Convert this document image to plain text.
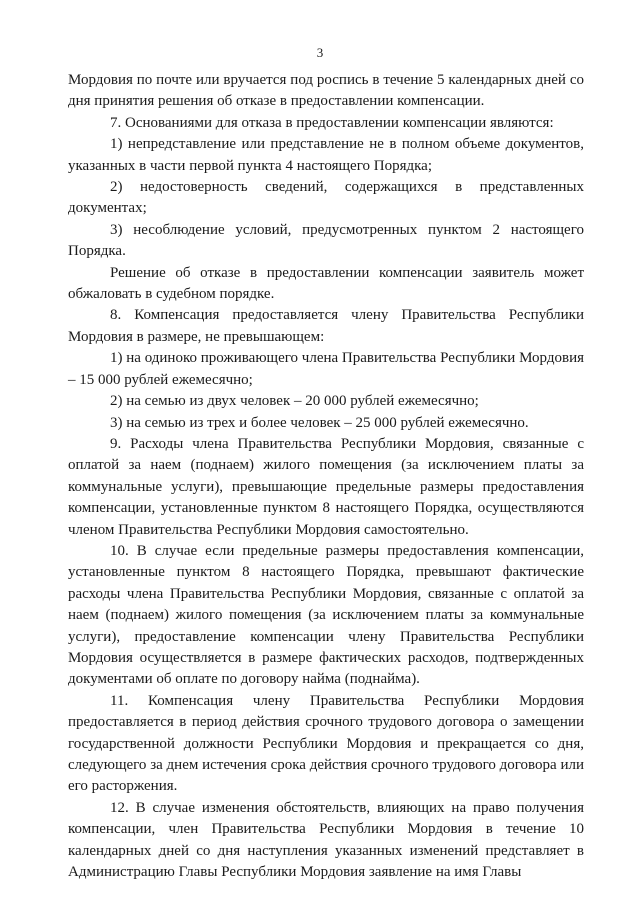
3

Мордовия по почте или вручается под роспись в течение 5 календарных дней со дня принятия решения об отказе в предоставлении компенсации.

7. Основаниями для отказа в предоставлении компенсации являются:

1) непредставление или представление не в полном объеме документов, указанных в части первой пункта 4 настоящего Порядка;

2) недостоверность сведений, содержащихся в представленных документах;

3) несоблюдение условий, предусмотренных пунктом 2 настоящего Порядка.

Решение об отказе в предоставлении компенсации заявитель может обжаловать в судебном порядке.

8. Компенсация предоставляется члену Правительства Республики Мордовия в размере, не превышающем:

1) на одиноко проживающего члена Правительства Республики Мордовия – 15 000 рублей ежемесячно;

2) на семью из двух человек – 20 000 рублей ежемесячно;

3) на семью из трех и более человек – 25 000 рублей ежемесячно.

9. Расходы члена Правительства Республики Мордовия, связанные с оплатой за наем (поднаем) жилого помещения (за исключением платы за коммунальные услуги), превышающие предельные размеры предоставления компенсации, установленные пунктом 8 настоящего Порядка, осуществляются членом Правительства Республики Мордовия самостоятельно.

10. В случае если предельные размеры предоставления компенсации, установленные пунктом 8 настоящего Порядка, превышают фактические расходы члена Правительства Республики Мордовия, связанные с оплатой за наем (поднаем) жилого помещения (за исключением платы за коммунальные услуги), предоставление компенсации члену Правительства Республики Мордовия осуществляется в размере фактических расходов, подтвержденных документами об оплате по договору найма (поднайма).

11. Компенсация члену Правительства Республики Мордовия предоставляется в период действия срочного трудового договора о замещении государственной должности Республики Мордовия и прекращается со дня, следующего за днем истечения срока действия срочного трудового договора или его расторжения.

12. В случае изменения обстоятельств, влияющих на право получения компенсации, член Правительства Республики Мордовия в течение 10 календарных дней со дня наступления указанных изменений представляет в Администрацию Главы Республики Мордовия заявление на имя Главы
